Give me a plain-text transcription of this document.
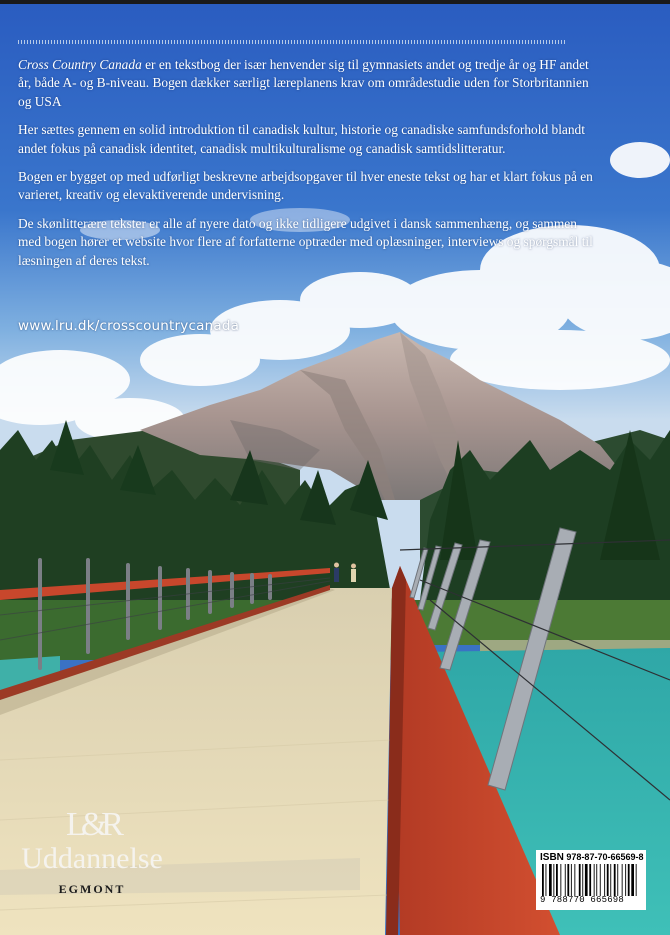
Cross Country Canada er en tekstbog der især henvender sig til gymnasiets andet og tredje år og HF andet år, både A- og B-niveau. Bogen dækker særligt læreplanens krav om områdestudie uden for Storbritannien og USA

Her sættes gennem en solid introduktion til canadisk kultur, historie og canadiske samfundsforhold blandt andet fokus på canadisk identitet, canadisk multikulturalisme og canadisk samtidslitteratur.

Bogen er bygget op med udførligt beskrevne arbejdsopgaver til hver eneste tekst og har et klart fokus på en varieret, kreativ og elevaktiverende undervisning.

De skønlitterære tekster er alle af nyere dato og ikke tidligere udgivet i dansk sammenhæng, og sammen med bogen hører et website hvor flere af forfatterne optræder med oplæsninger, interviews og spørgsmål til læsningen af deres tekst.

www.lru.dk/crosscountrycanada
L&R
Uddannelse
EGMONT
ISBN 978-87-70-66569-8
9 788770 665698
